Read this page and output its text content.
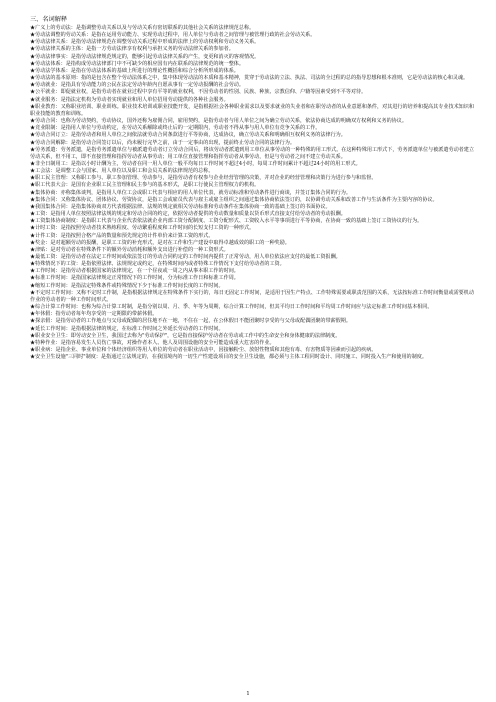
三、名词解释

★广义上的劳动法：是指调整劳动关系以及与劳动关系有密切联系的其他社会关系的法律规范总称。

★劳动法调整的劳动关系：是指在运用劳动能力、实现劳动过程中，用人单位与劳动者之间管理与被管理行政的社会劳动关系。

★劳动法律关系：是指劳动法律规范在调整劳动关系过程中形成的法律上的劳动权利和劳动义务关系。

★劳动法律关系的主体：是指一方劳动法律享有权利与承担义务的劳动法律关系的参加者。

★劳动法律事实：是指劳动法律规范规定的，能够引起劳动法律关系的产生，变更和消灭的客观情况。

★劳动法体系：是指构成劳动法律部门中不可缺少的相应国有内在联系的法律规范的统一整体。

★劳动法学体系：是指在劳动法体系的基础上所进行的理论性概括和综合分析所形成的体系。

★劳动法的基本原则：指的是包含在整个劳动法体系之中，集中体现劳动法的本质和基本精神，贯穿于劳动法的立法、执法、司法的全过程的总的指导思想和根本准则，它是劳动法的核心和灵魂。

★劳动就业：是指具有劳动能力的公民在法定劳动年龄内自愿从事有一定劳动报酬的社会劳动。

★公平就业：即促就业权，是指劳动者在就业过程中享有平等的就业权利，不因劳动者的性别、民族、种族、宗教信仰、户籍等因素受到不平等对待。

★就业服务：是指法定机构为劳动者实现就业和用人单位招用劳动提供的各种社会服务。

★职业教育：又称职业培训、职业训练。职业技术培训或职业技能开发，是指根据社会各种职业需求以及要求就业的失业者和在职劳动者的从业意愿和条件，对其进行的培养和提高其专业技术知识和职业技能的教育和训练。

★劳动合同：也称为劳动契约，劳动协议，国外还称为雇佣合同，雇用契约，是指劳动者与用人单位之间为确立劳动关系，依法协商达成的明确双方权利和义务的协议。

★竞业限制：是指用人单位与劳动约定，在劳动关系解除或终止后的一定期限内，劳动者不得从事与用人单位有竞争关系的工作。

★劳动合同订立：是指劳动者和用人单位之间依法就劳动合同条款进行平等协商，达成协议，确立劳动关系和明确相互权利义务的法律行为。

★劳动合同解除：是指劳动合同签订以后，尚未履行完毕之前，由于一定事由的出现，提前终止劳动合同的法律行为。

★劳务派遣：劳务派遣，是指劳务派遣单位与被派遣劳动者订立劳动合同后，将该劳动者派遣到用工单位从事劳动的一种特殊的用工形式。在这种特殊用工形式下，劳务派遣单位与被派遣劳动者建立劳动关系，但不用工，即不直接管理和指挥劳动者从事劳动；用工单位直接管理和指挥劳动者从事劳动，但是与劳动者之间不建立劳动关系。

★非全日制用工：是指以小时计酬为主，劳动者在同一用人单位一般平均每日工作时间不超过4小时，每周工作时间累计不超过24小时的用工形式。

★工会法：是调整工会与国家、用人单位以及职工和会员关系的法律规范的总称。

★职工民主管理：又称职工参与、职工参加管理、劳动参与，是指劳动者有权参与企业经营管理的决策，并对企业的经营管理和决策行为进行参与和监督。

★职工代表大会：是国有企业职工民主管理和民主参与的基本形式，是职工行使民主管理权力的机构。

★集体协商：亦称集体谈判，是指用人单位工会或职工代表与相应的用人单位代表，就劳动标准和劳动条件进行商谈，并签订集体合同的行为。

★集体合同：又称集体协议、团体协议、劳资协议，是指工会或雇员代表与雇主或雇主组织之间通过集体协商依法签订的，以协调劳动关系和改善工作与生活条件为主要内容的协议。

★我国集体合同：是指集体协商双方代表根据法律、法规的规定就相关劳动标准和劳动条件在集体协商一致的基础上签订的书面协议。

★工资：是指用人单位按照法律法规的规定和劳动合同的约定，依据劳动者提供的劳动数量和质量以货币形式直接支付给劳动者的劳动报酬。

★工资集体协商制度：是指职工代表与企业代表依法就企业内部工资分配制度、工资分配形式、工资收入水平等事项进行平等协商，在协商一致的基础上签订工资协议的行为。

★计时工资：是指按照劳动者技术熟练程度、劳动繁重程度和工作时间的长短支付工资的一种形式。

★计件工资：是指按照合格产品的数量和预先规定的计件单价来计算工资的形式。

★奖金：是对超额劳动的报酬，是职工工资的补充形式，是对在工作和生产建设中取得卓越成效的职工的一种奖励。

★津贴：是对劳动者在特殊条件下的额外劳动消耗和额外支出进行补偿的一种工资形式。

★最低工资：是指劳动者在法定工作时间或依法签订的劳动合同约定的工作时间内提供了正常劳动，用人单位依法应支付的最低工资报酬。

★特殊情况下的工资：是指依照法律、法规规定或约定，在特殊时间内或者特殊工作情况下支付给劳动者的工资。

★工作时间：是指劳动者根据国家的法律规定，在一个昼夜或一周之内从事本职工作的时间。

★标准工作时间：是指国家法律规定正常情况下的工作时间，分为标准工作日和标准工作周。

★缩短工作时间：是指法定特殊条件或特殊情况下少于标准工作时间长度的工作时间。

★不定时工作时间：又称不定时工作制，是指根据法律规定在特殊条件下实行的，每日无固定工作时间，是适用于因生产特点、工作特殊需要或职责范围的关系，无法按标准工作时间衡量或需要机动作业的劳动者的一种工作时间形式。

★综合计算工作时间：也称为综合计算工时制，是指分别以周、月、季、年等为周期，综合计算工作时间，但其平均日工作时间和平均周工作时间应与法定标准工作时间基本相同。

★年休假：指劳动者每年均享受的一定期限的带薪休假。

★探亲假：是指劳动者的工作地点与父母或配偶的居住地不在一地，不住在一起，在公休假日不能团聚时享受的与父母或配偶团聚的带薪假期。

★延长工作时间：是指根据法律的规定，在标准工作时间之外延长劳动者的工作时间。

★职业安全卫生：即劳动安全卫生，我国过去称为"劳动保护"，它是指直接保护劳动者在劳动或工作中的生命安全和身体健康的法律制度。

★特种作业：是指容易发生人员伤亡事故，对操作者本人、他人及周围设施的安全可能造成重大危害的作业。

★职业病：是指企业、事业单位和个体经济组织等用人单位的劳动者在职业活动中，因接触粉尘、放射性物质和其他有毒、有害物质等因素而引起的疾病。

★安全卫生设施"三同时"制度：是指通过立法规定的，在我国境内的一切生产性建设项目的安全卫生设施，都必须与主体工程同时设计、同时施工、同时投入生产和使用的制度。

1
